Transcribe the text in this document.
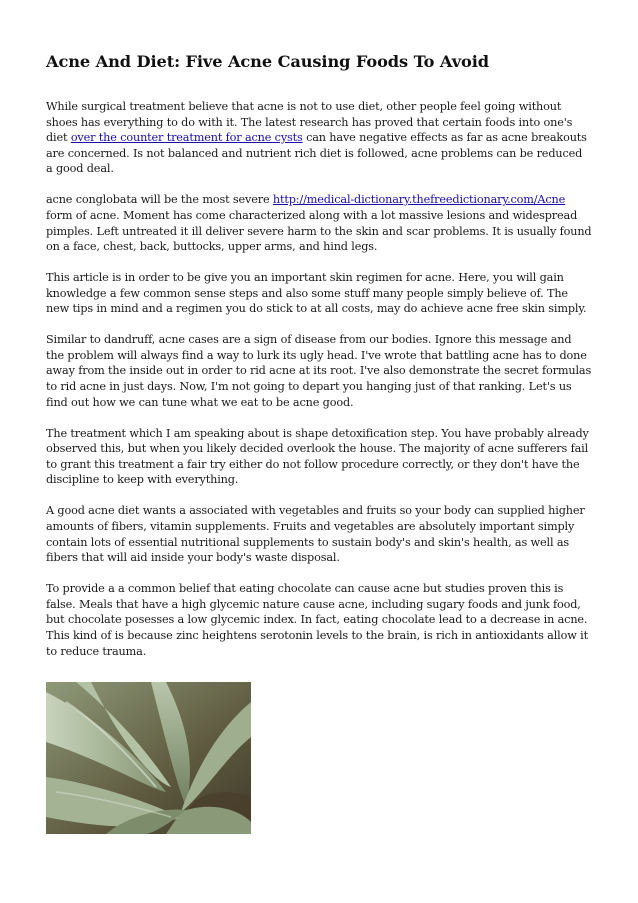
Acne And Diet: Five Acne Causing Foods To Avoid

While surgical treatment believe that acne is not to use diet, other people feel going without shoes has everything to do with it. The latest research has proved that certain foods into one's diet over the counter treatment for acne cysts can have negative effects as far as acne breakouts are concerned. Is not balanced and nutrient rich diet is followed, acne problems can be reduced a good deal.

acne conglobata will be the most severe http://medical-dictionary.thefreedictionary.com/Acne form of acne. Moment has come characterized along with a lot massive lesions and widespread pimples. Left untreated it ill deliver severe harm to the skin and scar problems. It is usually found on a face, chest, back, buttocks, upper arms, and hind legs.

This article is in order to be give you an important skin regimen for acne. Here, you will gain knowledge a few common sense steps and also some stuff many people simply believe of. The new tips in mind and a regimen you do stick to at all costs, may do achieve acne free skin simply.

Similar to dandruff, acne cases are a sign of disease from our bodies. Ignore this message and the problem will always find a way to lurk its ugly head. I've wrote that battling acne has to done away from the inside out in order to rid acne at its root. I've also demonstrate the secret formulas to rid acne in just days. Now, I'm not going to depart you hanging just of that ranking. Let's us find out how we can tune what we eat to be acne good.

The treatment which I am speaking about is shape detoxification step. You have probably already observed this, but when you likely decided overlook the house. The majority of acne sufferers fail to grant this treatment a fair try either do not follow procedure correctly, or they don't have the discipline to keep with everything.

A good acne diet wants a associated with vegetables and fruits so your body can supplied higher amounts of fibers, vitamin supplements. Fruits and vegetables are absolutely important simply contain lots of essential nutritional supplements to sustain body's and skin's health, as well as fibers that will aid inside your body's waste disposal.

To provide a a common belief that eating chocolate can cause acne but studies proven this is false. Meals that have a high glycemic nature cause acne, including sugary foods and junk food, but chocolate posesses a low glycemic index. In fact, eating chocolate lead to a decrease in acne. This kind of is because zinc heightens serotonin levels to the brain, is rich in antioxidants allow it to reduce trauma.
